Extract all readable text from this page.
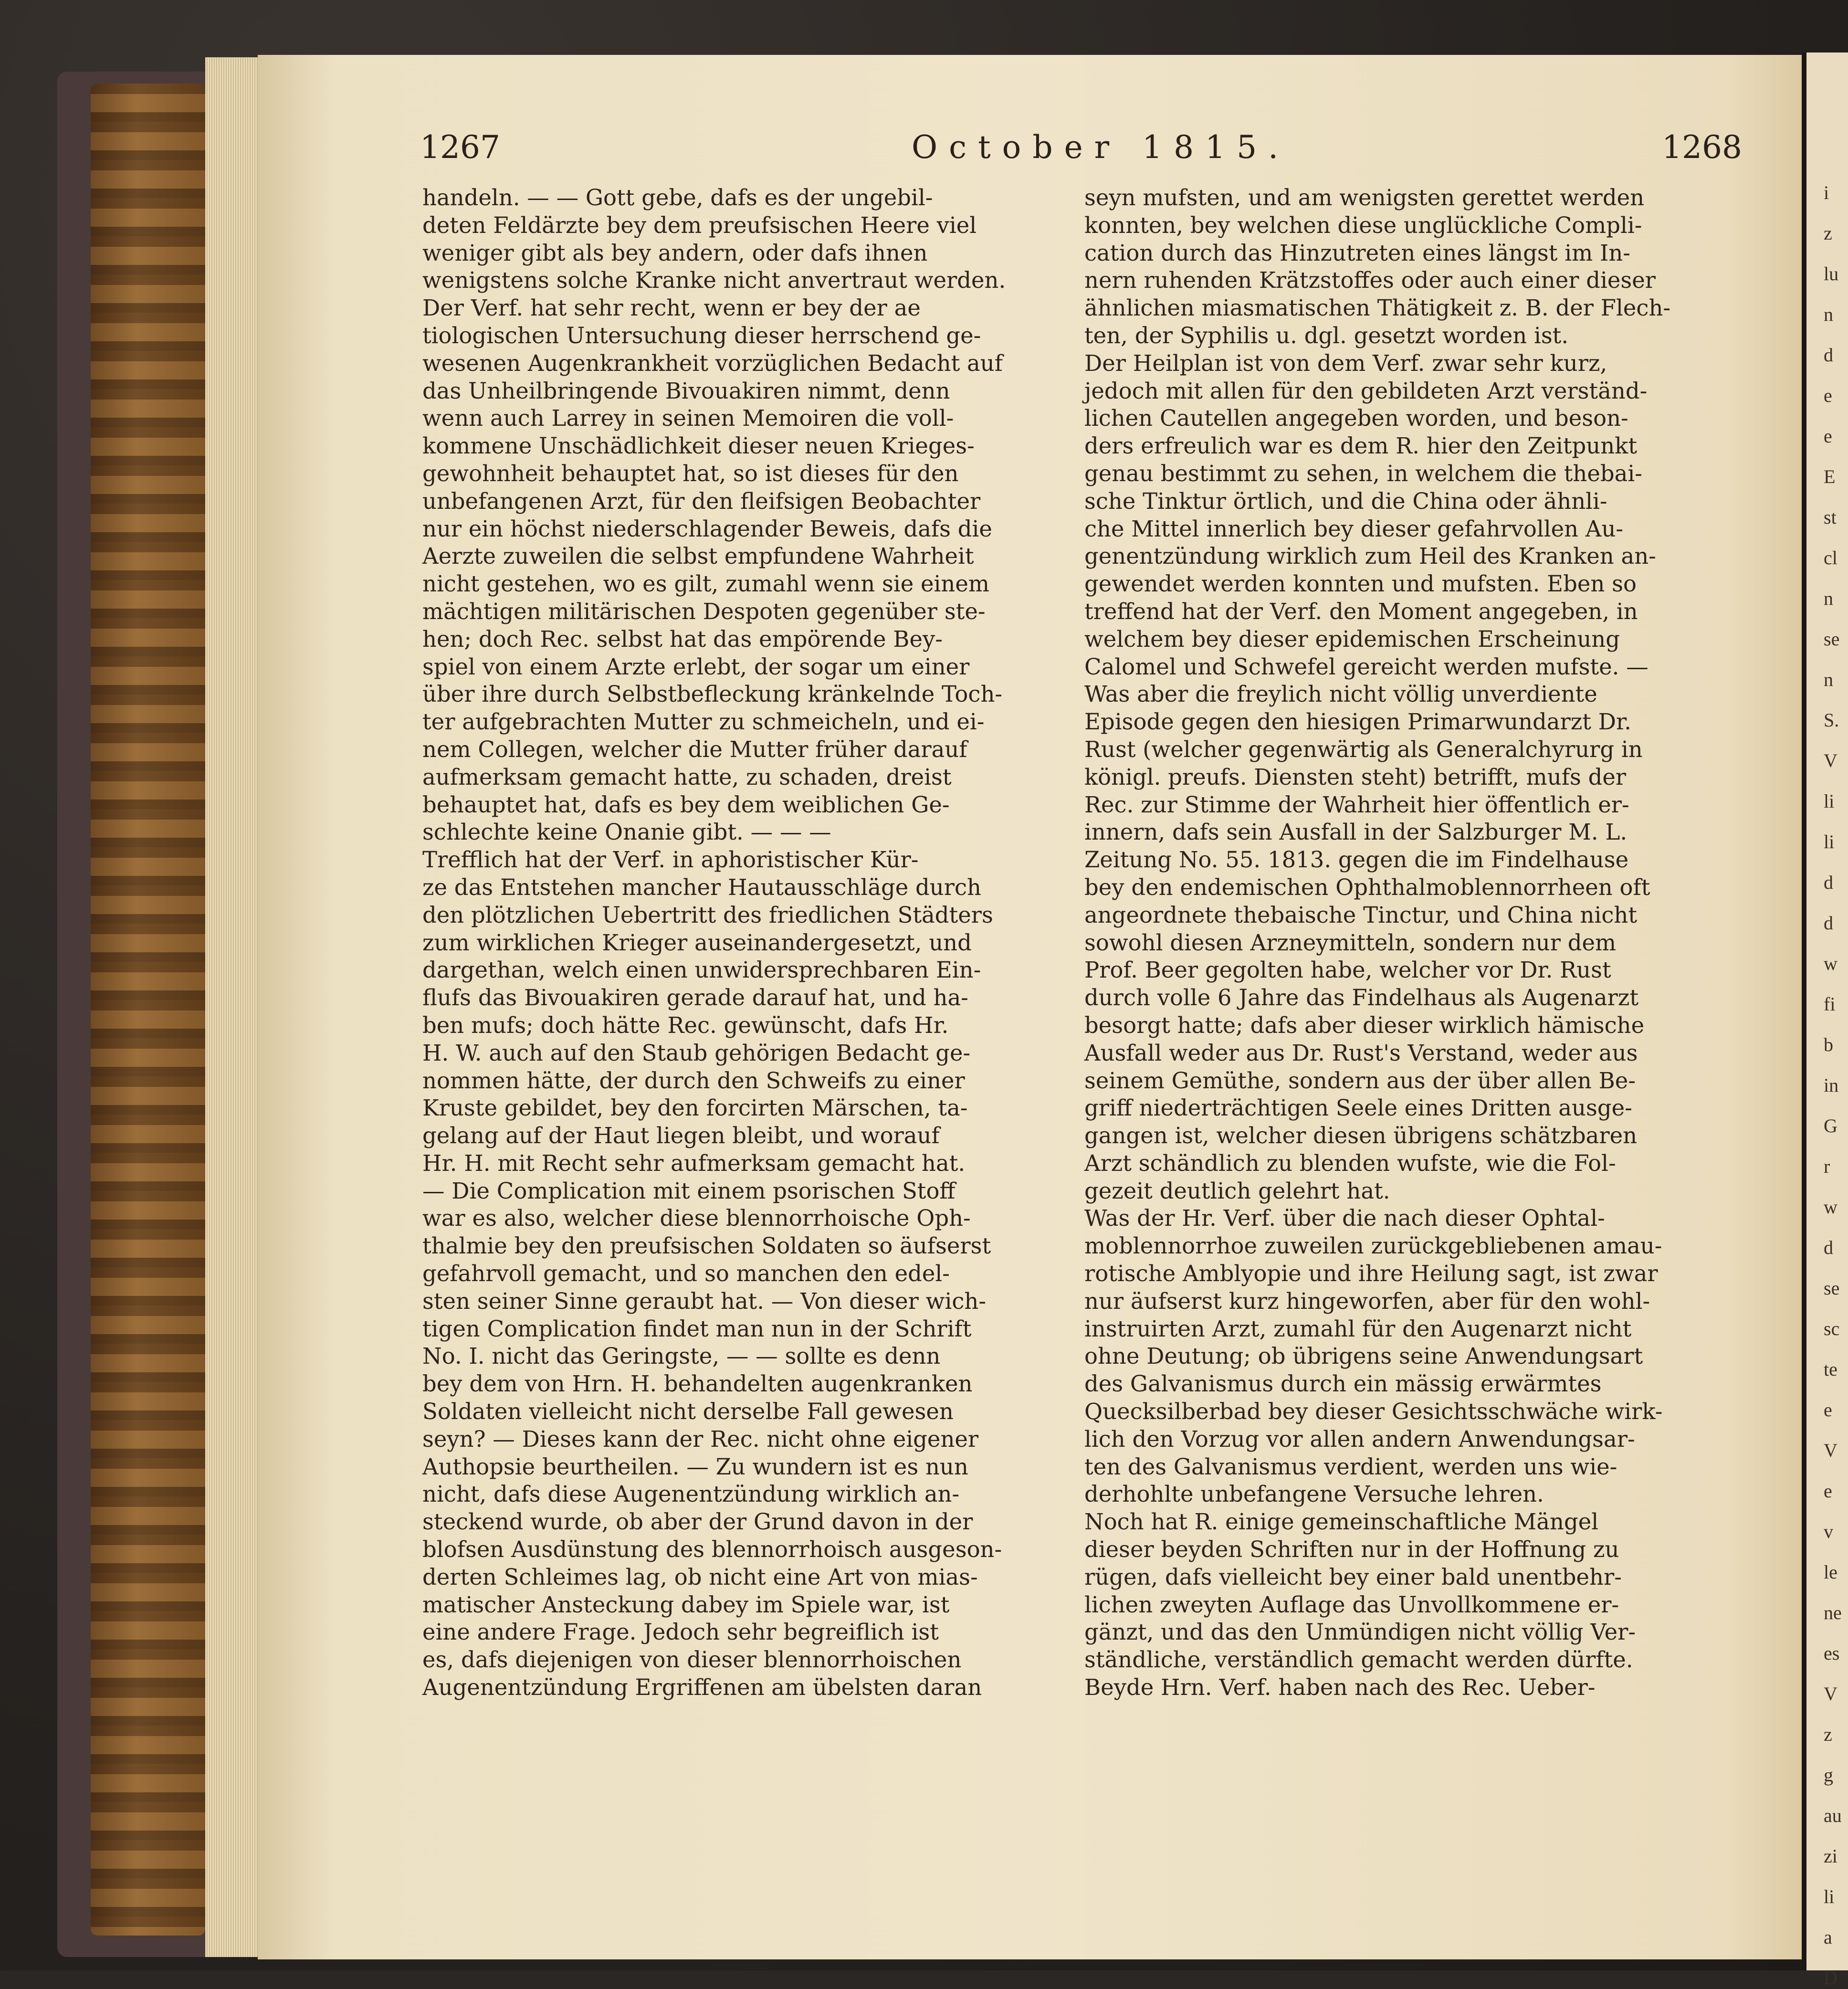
i
z
lu
n
d
e
e
E
st
cl
n
se
n
S.
V
li
li
d
d
w
fi
b
in
G
r
w
d
se
sc
te
e
V
e
v
le
ne
es
V
z
g
au
zi
li
a
D
1267	October 1815.	1268
handeln. — — Gott gebe, dafs es der ungebil-
deten Feldärzte bey dem preufsischen Heere viel
weniger gibt als bey andern, oder dafs ihnen
wenigstens solche Kranke nicht anvertraut werden.
Der Verf. hat sehr recht, wenn er bey der ae
tiologischen Untersuchung dieser herrschend ge-
wesenen Augenkrankheit vorzüglichen Bedacht auf
das Unheilbringende Bivouakiren nimmt, denn
wenn auch Larrey in seinen Memoiren die voll-
kommene Unschädlichkeit dieser neuen Krieges-
gewohnheit behauptet hat, so ist dieses für den
unbefangenen Arzt, für den fleifsigen Beobachter
nur ein höchst niederschlagender Beweis, dafs die
Aerzte zuweilen die selbst empfundene Wahrheit
nicht gestehen, wo es gilt, zumahl wenn sie einem
mächtigen militärischen Despoten gegenüber ste-
hen; doch Rec. selbst hat das empörende Bey-
spiel von einem Arzte erlebt, der sogar um einer
über ihre durch Selbstbefleckung kränkelnde Toch-
ter aufgebrachten Mutter zu schmeicheln, und ei-
nem Collegen, welcher die Mutter früher darauf
aufmerksam gemacht hatte, zu schaden, dreist
behauptet hat, dafs es bey dem weiblichen Ge-
schlechte keine Onanie gibt. — — —
Trefflich hat der Verf. in aphoristischer Kür-
ze das Entstehen mancher Hautausschläge durch
den plötzlichen Uebertritt des friedlichen Städters
zum wirklichen Krieger auseinandergesetzt, und
dargethan, welch einen unwidersprechbaren Ein-
flufs das Bivouakiren gerade darauf hat, und ha-
ben mufs; doch hätte Rec. gewünscht, dafs Hr.
H. W. auch auf den Staub gehörigen Bedacht ge-
nommen hätte, der durch den Schweifs zu einer
Kruste gebildet, bey den forcirten Märschen, ta-
gelang auf der Haut liegen bleibt, und worauf
Hr. H. mit Recht sehr aufmerksam gemacht hat.
— Die Complication mit einem psorischen Stoff
war es also, welcher diese blennorrhoische Oph-
thalmie bey den preufsischen Soldaten so äufserst
gefahrvoll gemacht, und so manchen den edel-
sten seiner Sinne geraubt hat. — Von dieser wich-
tigen Complication findet man nun in der Schrift
No. I. nicht das Geringste, — — sollte es denn
bey dem von Hrn. H. behandelten augenkranken
Soldaten vielleicht nicht derselbe Fall gewesen
seyn? — Dieses kann der Rec. nicht ohne eigener
Authopsie beurtheilen. — Zu wundern ist es nun
nicht, dafs diese Augenentzündung wirklich an-
steckend wurde, ob aber der Grund davon in der
blofsen Ausdünstung des blennorrhoisch ausgeson-
derten Schleimes lag, ob nicht eine Art von mias-
matischer Ansteckung dabey im Spiele war, ist
eine andere Frage. Jedoch sehr begreiflich ist
es, dafs diejenigen von dieser blennorrhoischen
Augenentzündung Ergriffenen am übelsten daran
seyn mufsten, und am wenigsten gerettet werden
konnten, bey welchen diese unglückliche Compli-
cation durch das Hinzutreten eines längst im In-
nern ruhenden Krätzstoffes oder auch einer dieser
ähnlichen miasmatischen Thätigkeit z. B. der Flech-
ten, der Syphilis u. dgl. gesetzt worden ist.
Der Heilplan ist von dem Verf. zwar sehr kurz,
jedoch mit allen für den gebildeten Arzt verständ-
lichen Cautellen angegeben worden, und beson-
ders erfreulich war es dem R. hier den Zeitpunkt
genau bestimmt zu sehen, in welchem die thebai-
sche Tinktur örtlich, und die China oder ähnli-
che Mittel innerlich bey dieser gefahrvollen Au-
genentzündung wirklich zum Heil des Kranken an-
gewendet werden konnten und mufsten. Eben so
treffend hat der Verf. den Moment angegeben, in
welchem bey dieser epidemischen Erscheinung
Calomel und Schwefel gereicht werden mufste. —
Was aber die freylich nicht völlig unverdiente
Episode gegen den hiesigen Primarwundarzt Dr.
Rust (welcher gegenwärtig als Generalchyrurg in
königl. preufs. Diensten steht) betrifft, mufs der
Rec. zur Stimme der Wahrheit hier öffentlich er-
innern, dafs sein Ausfall in der Salzburger M. L.
Zeitung No. 55. 1813. gegen die im Findelhause
bey den endemischen Ophthalmoblennorrheen oft
angeordnete thebaische Tinctur, und China nicht
sowohl diesen Arzneymitteln, sondern nur dem
Prof. Beer gegolten habe, welcher vor Dr. Rust
durch volle 6 Jahre das Findelhaus als Augenarzt
besorgt hatte; dafs aber dieser wirklich hämische
Ausfall weder aus Dr. Rust's Verstand, weder aus
seinem Gemüthe, sondern aus der über allen Be-
griff niederträchtigen Seele eines Dritten ausge-
gangen ist, welcher diesen übrigens schätzbaren
Arzt schändlich zu blenden wufste, wie die Fol-
gezeit deutlich gelehrt hat.
Was der Hr. Verf. über die nach dieser Ophtal-
moblennorrhoe zuweilen zurückgebliebenen amau-
rotische Amblyopie und ihre Heilung sagt, ist zwar
nur äufserst kurz hingeworfen, aber für den wohl-
instruirten Arzt, zumahl für den Augenarzt nicht
ohne Deutung; ob übrigens seine Anwendungsart
des Galvanismus durch ein mässig erwärmtes
Quecksilberbad bey dieser Gesichtsschwäche wirk-
lich den Vorzug vor allen andern Anwendungsar-
ten des Galvanismus verdient, werden uns wie-
derhohlte unbefangene Versuche lehren.
Noch hat R. einige gemeinschaftliche Mängel
dieser beyden Schriften nur in der Hoffnung zu
rügen, dafs vielleicht bey einer bald unentbehr-
lichen zweyten Auflage das Unvollkommene er-
gänzt, und das den Unmündigen nicht völlig Ver-
ständliche, verständlich gemacht werden dürfte.
Beyde Hrn. Verf. haben nach des Rec. Ueber-
